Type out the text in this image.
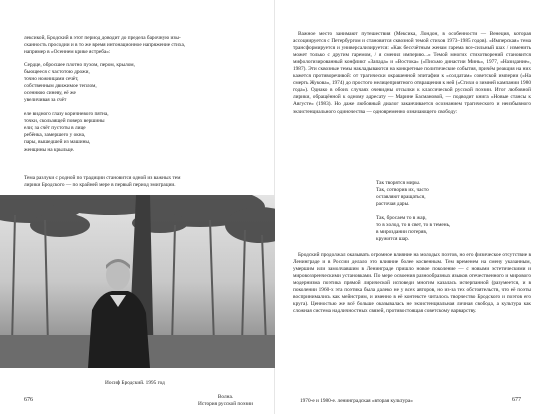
лексикой, Бродский в этот период доводит до предела барочную изы-

сканность просодии и в то же время интонационное напряжение стиха,

например в «Осеннем крике ястреба»:

Сердце, обросшее плотно пухом, пером, крылом,
бьющееся с частотою дрожи,
точно ножницами сечёт,
собственным движимое теплом,
осеннюю синеву, её же
увеличивая за счёт
еле видного глазу коричневого пятна,
точки, скользящей поверх вершины
ели; за счёт пустоты в лице
ребёнка, замершего у окна,
пары, вышедшей из машины,
женщины на крыльце.

Тема разлуки с родной по традиции становится одной из важных тем

лирики Бродского — по крайней мере в первый период эмиграции.

Иосиф Бродский. 1995 год
676	Волна.
История русской поэзии

Важное место занимают путешествия (Мексика, Лондон, в особенности — Венеция, которая ассоциируется с Петербургом и становится сквозной темой стихов 1973–1985 годов). «Имперская» тема трансформируется и универсализируется: «Как бессчётным женам гарема все-сильный шах / изменить может только с другим гаремом, / я сменил империю...» Темой многих стихотворений становится мифологизированный конфликт «Запада» и «Востока» («Письмо династии Минь», 1977, «Назидание», 1987). Эти сквозные темы накладываются на конкретные политические события, причём реакция на них кажется противоречивой: от трагически окрашенной эпитафии к «солдатам» советской империи («На смерть Жукова», 1974) до простого нелицеприятного отвращения к ней («Стихи о зимней кампании 1980 года»). Однако в обоих случаях очевидны отсылки к классической русской поэзии. Итог любовной лирики, обращённой к одному адресату — Марине Басмановой, — подводит книга «Новые стансы к Августе» (1983). Но даже любовный диалог заканчивается осознанием трагического и неизбывного экзистенциального одиночества — одновременно означающего свободу:

Так творятся миры.
Так, сотворив их, часто
оставляют вращаться,
расточая дары.
Так, бросаем то в жар,
то в холод, то в свет, то в темень,
в мироздании потеряв,
кружится шар.

Бродский продолжал оказывать огромное влияние на молодых поэтов, но его физическое отсутствие в Ленинграде и в России делало это влияние более косвенным. Тем временем на смену указанным, умершим или замолчавшим в Ленинграде пришло новое поколение — с новыми эстетическими и мировоззренческими установками. По мере освоения разнообразных языков отечественного и мирового модернизма поэтика прямой лирической исповеди многим казалась исчерпанной (разумеется, и в поколении 1960-х эта поэтика была далеко не у всех авторов, но из-за тех обстоятельств, что её поэты воспринимались как мейнстрим, и именно в её контексте читалось творчество Бродского и поэтов его круга). Ценностью же всё больше оказывалась не экзистенциальная личная свобода, а культура как сложная система надличностных связей, противостоящая советскому варварству.

1970-е и 1980-е. ленинградская «вторая культура»	677
